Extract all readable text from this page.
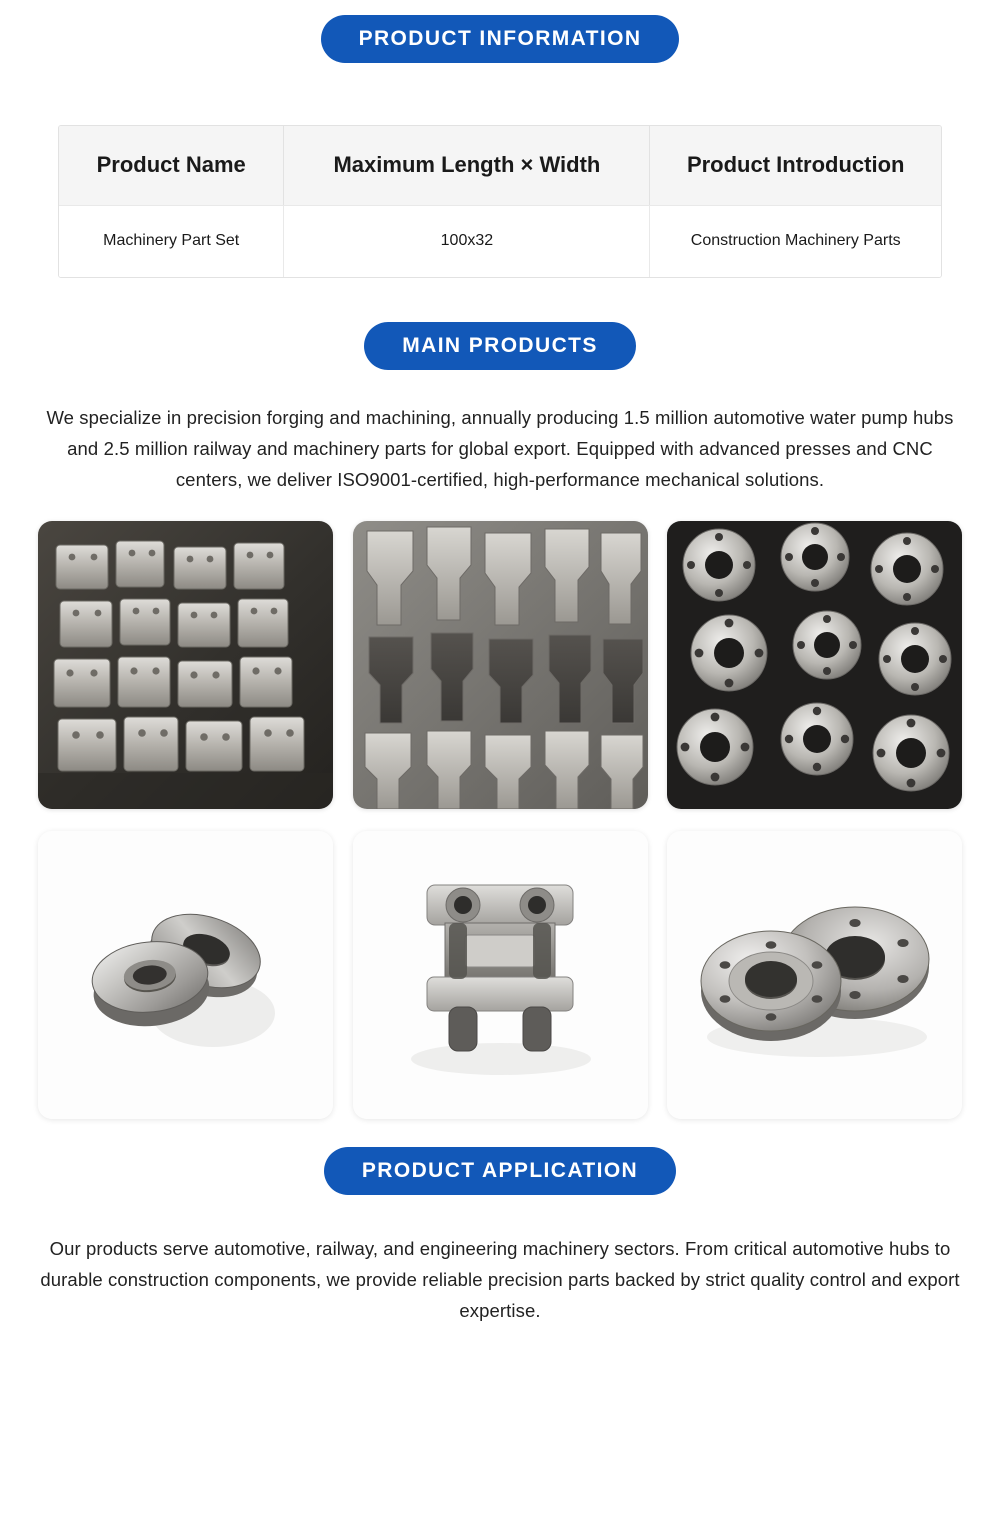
PRODUCT INFORMATION
Product Name	Maximum Length × Width	Product Introduction
Machinery Part Set	100x32	Construction Machinery Parts
MAIN PRODUCTS

We specialize in precision forging and machining, annually producing 1.5 million automotive water pump hubs and 2.5 million railway and machinery parts for global export. Equipped with advanced presses and CNC centers, we deliver ISO9001-certified, high-performance mechanical solutions.

PRODUCT APPLICATION

Our products serve automotive, railway, and engineering machinery sectors. From critical automotive hubs to durable construction components, we provide reliable precision parts backed by strict quality control and export expertise.
